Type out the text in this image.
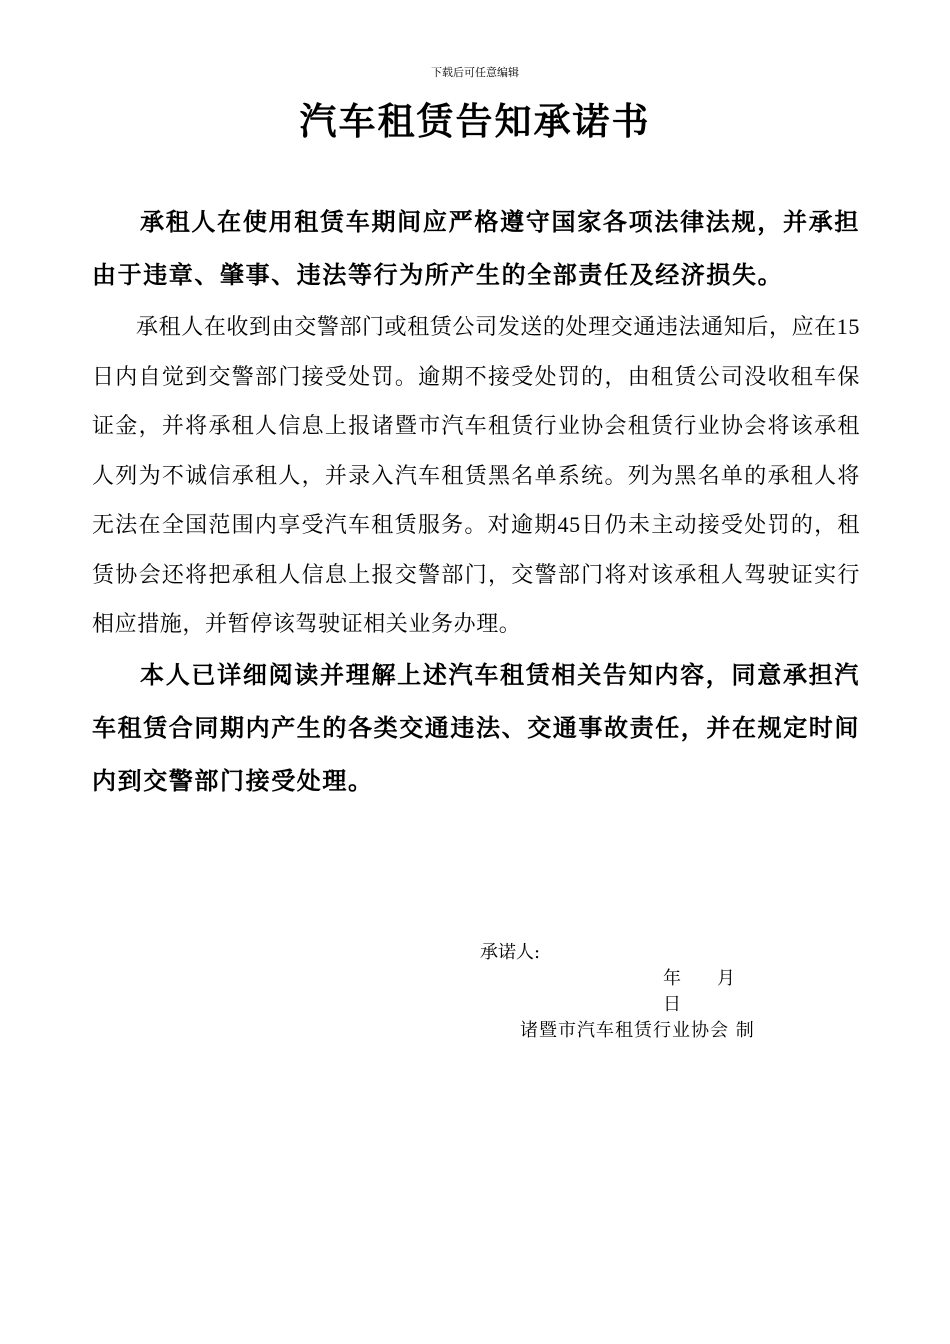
下载后可任意编辑
汽车租赁告知承诺书

承租人在使用租赁车期间应严格遵守国家各项法律法规，并承担由于违章、肇事、违法等行为所产生的全部责任及经济损失。

承租人在收到由交警部门或租赁公司发送的处理交通违法通知后，应在15日内自觉到交警部门接受处罚。逾期不接受处罚的，由租赁公司没收租车保证金，并将承租人信息上报诸暨市汽车租赁行业协会租赁行业协会将该承租人列为不诚信承租人，并录入汽车租赁黑名单系统。列为黑名单的承租人将无法在全国范围内享受汽车租赁服务。对逾期45日仍未主动接受处罚的，租赁协会还将把承租人信息上报交警部门，交警部门将对该承租人驾驶证实行相应措施，并暂停该驾驶证相关业务办理。

本人已详细阅读并理解上述汽车租赁相关告知内容，同意承担汽车租赁合同期内产生的各类交通违法、交通事故责任，并在规定时间内到交警部门接受处理。

承诺人:
年 月日
诸暨市汽车租赁行业协会 制
